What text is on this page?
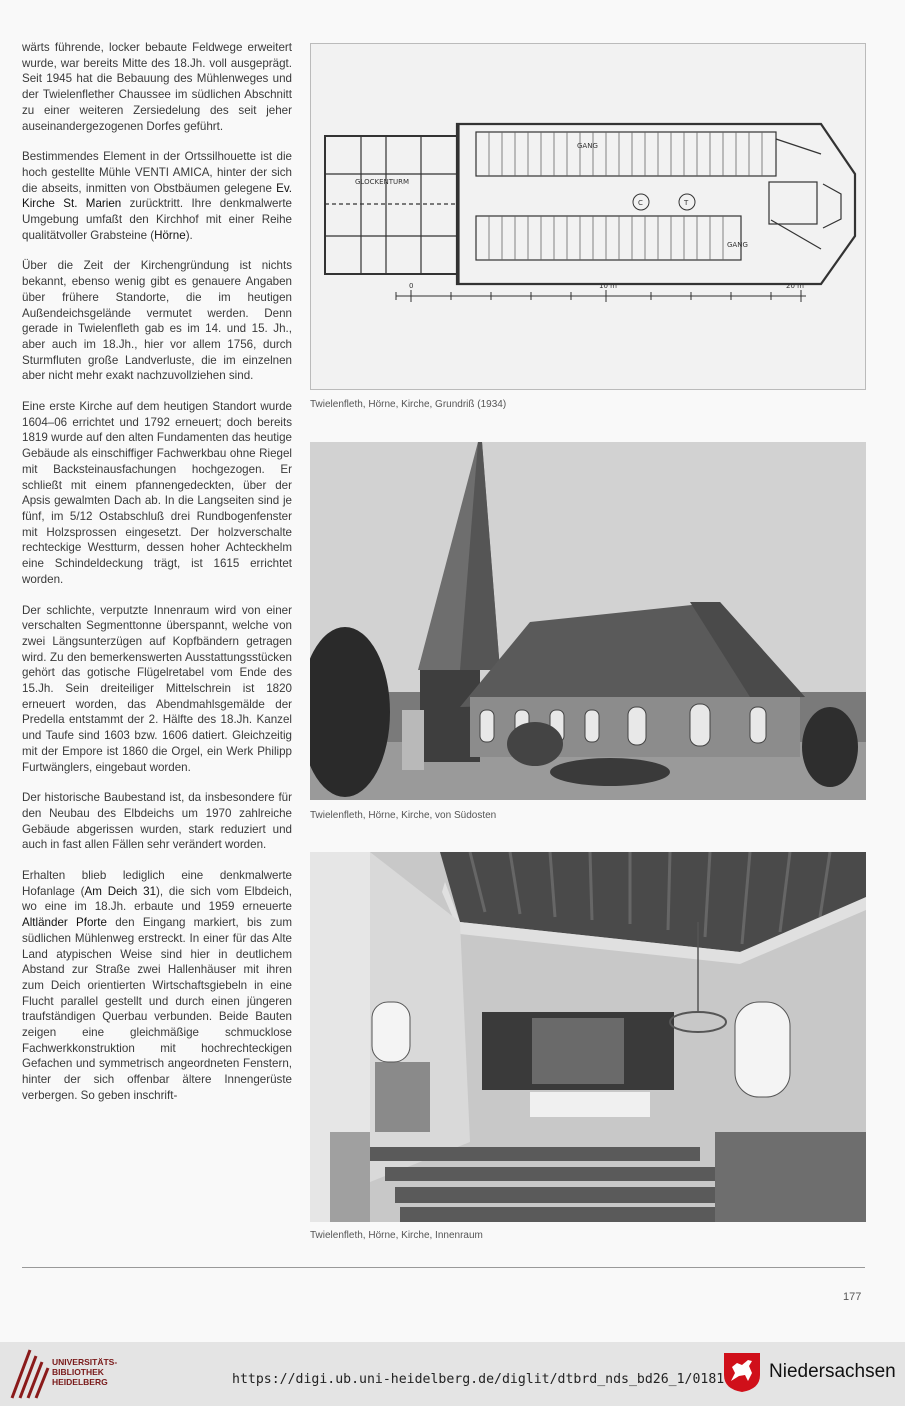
wärts führende, locker bebaute Feldwege erweitert wurde, war bereits Mitte des 18.Jh. voll ausgeprägt. Seit 1945 hat die Bebauung des Mühlenweges und der Twielenflether Chaussee im südlichen Abschnitt zu einer weiteren Zersiedelung des seit jeher auseinandergezogenen Dorfes geführt.

Bestimmendes Element in der Ortssilhouette ist die hoch gestellte Mühle VENTI AMICA, hinter der sich die abseits, inmitten von Obstbäumen gelegene Ev. Kirche St. Marien zurücktritt. Ihre denkmalwerte Umgebung umfaßt den Kirchhof mit einer Reihe qualitätvoller Grabsteine (Hörne).

Über die Zeit der Kirchengründung ist nichts bekannt, ebenso wenig gibt es genauere Angaben über frühere Standorte, die im heutigen Außendeichsgelände vermutet werden. Denn gerade in Twielenfleth gab es im 14. und 15. Jh., aber auch im 18.Jh., hier vor allem 1756, durch Sturmfluten große Landverluste, die im einzelnen aber nicht mehr exakt nachzuvollziehen sind.

Eine erste Kirche auf dem heutigen Standort wurde 1604–06 errichtet und 1792 erneuert; doch bereits 1819 wurde auf den alten Fundamenten das heutige Gebäude als einschiffiger Fachwerkbau ohne Riegel mit Backsteinausfachungen hochgezogen. Er schließt mit einem pfannengedeckten, über der Apsis gewalmten Dach ab. In die Langseiten sind je fünf, im 5/12 Ostabschluß drei Rundbogenfenster mit Holzsprossen eingesetzt. Der holzverschalte rechteckige Westturm, dessen hoher Achteckhelm eine Schindeldeckung trägt, ist 1615 errichtet worden.

Der schlichte, verputzte Innenraum wird von einer verschalten Segmenttonne überspannt, welche von zwei Längsunterzügen auf Kopfbändern getragen wird. Zu den bemerkenswerten Ausstattungsstücken gehört das gotische Flügelretabel vom Ende des 15.Jh. Sein dreiteiliger Mittelschrein ist 1820 erneuert worden, das Abendmahlsgemälde der Predella entstammt der 2. Hälfte des 18.Jh. Kanzel und Taufe sind 1603 bzw. 1606 datiert. Gleichzeitig mit der Empore ist 1860 die Orgel, ein Werk Philipp Furtwänglers, eingebaut worden.

Der historische Baubestand ist, da insbesondere für den Neubau des Elbdeichs um 1970 zahlreiche Gebäude abgerissen wurden, stark reduziert und auch in fast allen Fällen sehr verändert worden.

Erhalten blieb lediglich eine denkmalwerte Hofanlage (Am Deich 31), die sich vom Elbdeich, wo eine im 18.Jh. erbaute und 1959 erneuerte Altländer Pforte den Eingang markiert, bis zum südlichen Mühlenweg erstreckt. In einer für das Alte Land atypischen Weise sind hier in deutlichem Abstand zur Straße zwei Hallenhäuser mit ihren zum Deich orientierten Wirtschaftsgiebeln in eine Flucht parallel gestellt und durch einen jüngeren traufständigen Querbau verbunden. Beide Bauten zeigen eine gleichmäßige schmucklose Fachwerkkonstruktion mit hochrechteckigen Gefachen und symmetrisch angeordneten Fenstern, hinter der sich offenbar ältere Innengerüste verbergen. So geben inschrift-

GLOCKENTURM
GANG
GANG
C	T
0	10 m	20 m
Twielenfleth, Hörne, Kirche, Grundriß (1934)
Twielenfleth, Hörne, Kirche, von Südosten
Twielenfleth, Hörne, Kirche, Innenraum
177
UNIVERSITÄTS-
BIBLIOTHEK
HEIDELBERG	https://digi.ub.uni-heidelberg.de/diglit/dtbrd_nds_bd26_1/0181 Niedersachsen
